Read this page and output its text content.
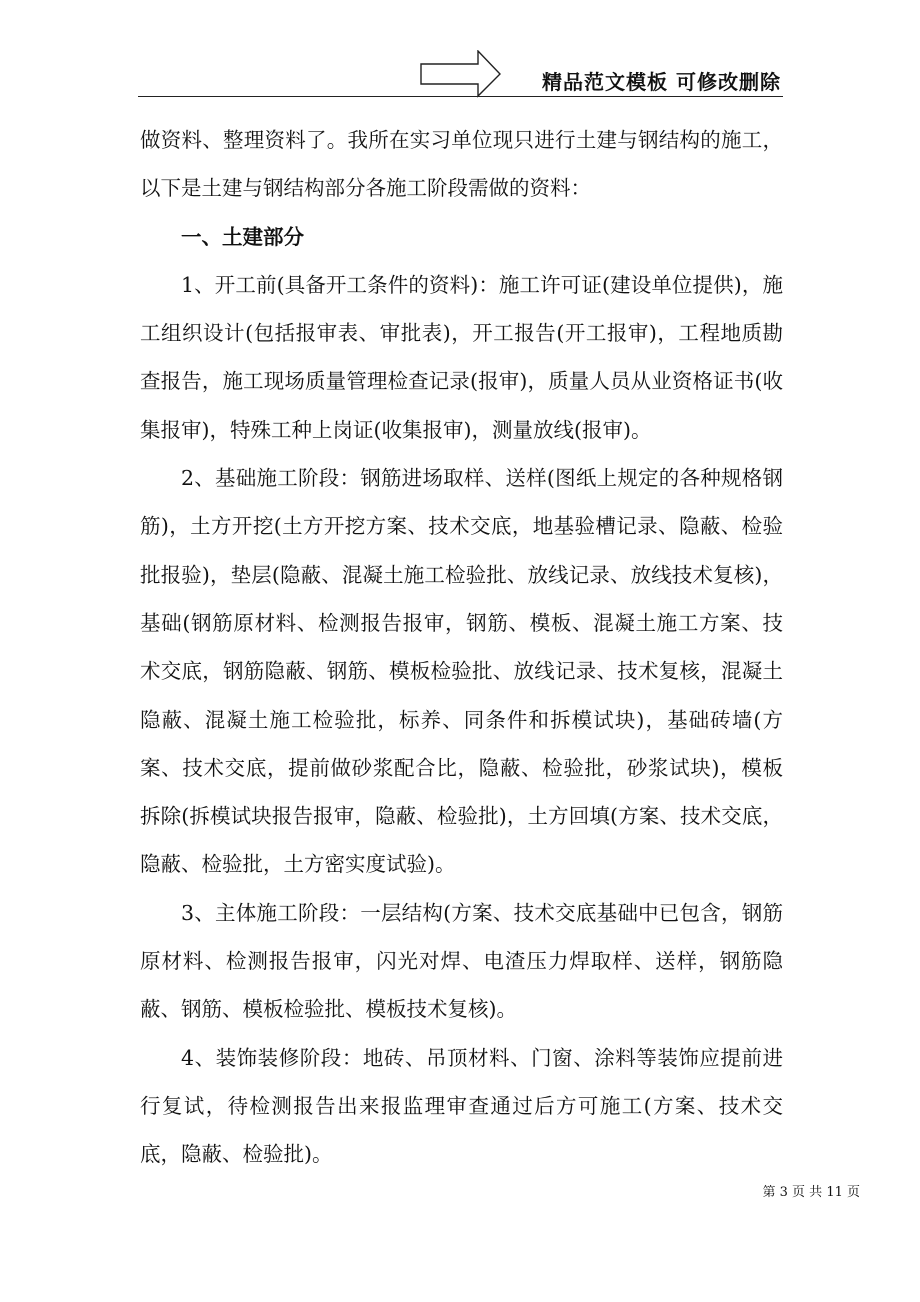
精品范文模板 可修改删除

做资料、整理资料了。我所在实习单位现只进行土建与钢结构的施工，以下是土建与钢结构部分各施工阶段需做的资料：

一、土建部分

1、开工前(具备开工条件的资料)：施工许可证(建设单位提供)，施工组织设计(包括报审表、审批表)，开工报告(开工报审)，工程地质勘查报告，施工现场质量管理检查记录(报审)，质量人员从业资格证书(收集报审)，特殊工种上岗证(收集报审)，测量放线(报审)。

2、基础施工阶段：钢筋进场取样、送样(图纸上规定的各种规格钢筋)，土方开挖(土方开挖方案、技术交底，地基验槽记录、隐蔽、检验批报验)，垫层(隐蔽、混凝土施工检验批、放线记录、放线技术复核)，基础(钢筋原材料、检测报告报审，钢筋、模板、混凝土施工方案、技术交底，钢筋隐蔽、钢筋、模板检验批、放线记录、技术复核，混凝土隐蔽、混凝土施工检验批，标养、同条件和拆模试块)，基础砖墙(方案、技术交底，提前做砂浆配合比，隐蔽、检验批，砂浆试块)，模板拆除(拆模试块报告报审，隐蔽、检验批)，土方回填(方案、技术交底，隐蔽、检验批，土方密实度试验)。

3、主体施工阶段：一层结构(方案、技术交底基础中已包含，钢筋原材料、检测报告报审，闪光对焊、电渣压力焊取样、送样，钢筋隐蔽、钢筋、模板检验批、模板技术复核)。

4、装饰装修阶段：地砖、吊顶材料、门窗、涂料等装饰应提前进行复试，待检测报告出来报监理审查通过后方可施工(方案、技术交底，隐蔽、检验批)。

第 3 页 共 11 页
